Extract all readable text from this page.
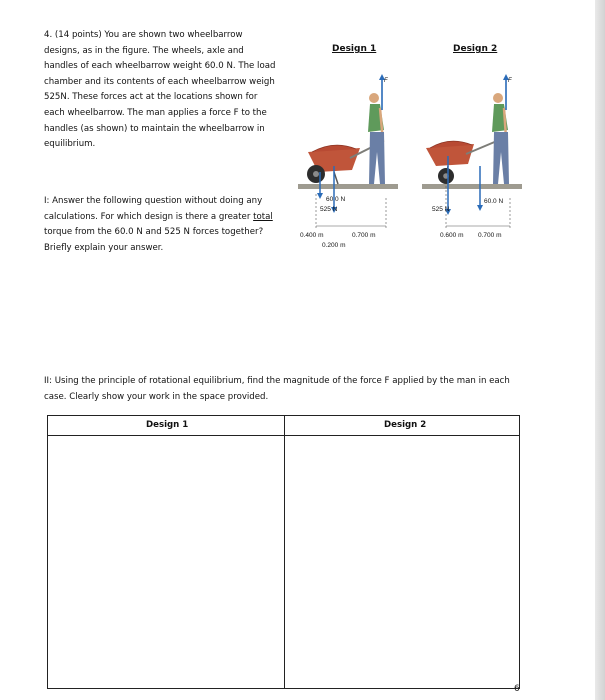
4. (14 points) You are shown two wheelbarrow designs, as in the figure. The wheels, axle and handles of each wheelbarrow weight 60.0 N. The load chamber and its contents of each wheelbarrow weigh 525N. These forces act at the locations shown for each wheelbarrow. The man applies a force F to the handles (as shown) to maintain the wheelbarrow in equilibrium.
I: Answer the following question without doing any calculations. For which design is there a greater total torque from the 60.0 N and 525 N forces together? Briefly explain your answer.
Design 1	Design 2
F
60.0 N
525 N
0.400 m	0.700 m
0.200 m
F
525 N
60.0 N
0.600 m 0.700 m
II: Using the principle of rotational equilibrium, find the magnitude of the force F applied by the man in each case. Clearly show your work in the space provided.
Design 1	Design 2
6
